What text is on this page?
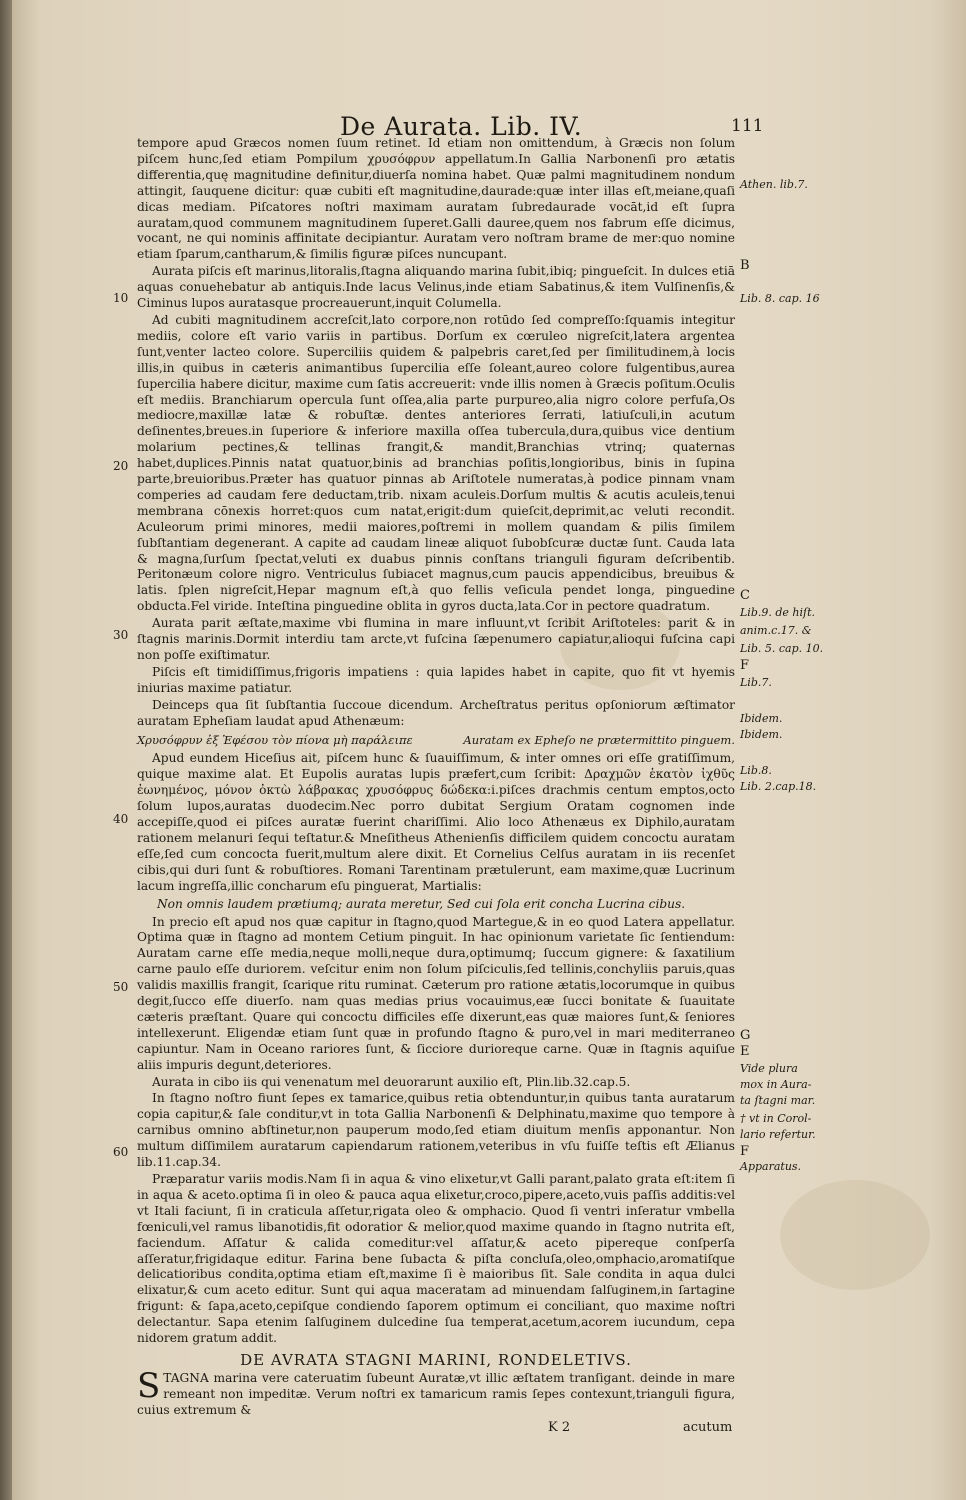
De Aurata. Lib. IV.	111

tempore apud Græcos nomen ſuum retinet. Id etiam non omittendum, à Græcis non ſolum piſcem hunc,ſed etiam Pompilum χρυσόφρυν appellatum.In Gallia Narbonenſi pro ætatis differentia,quę magnitudine definitur,diuerſa nomina habet. Quæ palmi magnitudinem nondum attingit, ſauquene dicitur: quæ cubiti eſt magnitudine,daurade:quæ inter illas eſt,meiane,quaſi dicas mediam. Piſcatores noſtri maximam auratam ſubredaurade vocāt,id eſt ſupra auratam,quod communem magnitudinem ſuperet.Galli dauree,quem nos fabrum eſſe dicimus, vocant, ne qui nominis affinitate decipiantur. Auratam vero noſtram brame de mer:quo nomine etiam ſparum,cantharum,& ſimilis figuræ piſces nuncupant.

Aurata piſcis eſt marinus,litoralis,ſtagna aliquando marina ſubit,ibiq; pingueſcit. In dulces etiā aquas conuehebatur ab antiquis.Inde lacus Velinus,inde etiam Sabatinus,& item Vulſinenſis,& Ciminus lupos auratasque procreauerunt,inquit Columella.

Ad cubiti magnitudinem accreſcit,lato corpore,non rotūdo ſed compreſſo:ſquamis integitur mediis, colore eſt vario variis in partibus. Dorſum ex cœruleo nigreſcit,latera argentea ſunt,venter lacteo colore. Superciliis quidem & palpebris caret,ſed per ſimilitudinem,à locis illis,in quibus in cæteris animantibus ſupercilia eſſe ſoleant,aureo colore fulgentibus,aurea ſupercilia habere dicitur, maxime cum ſatis accreuerit: vnde illis nomen à Græcis poſitum.Oculis eſt mediis. Branchiarum opercula ſunt oſſea,alia parte purpureo,alia nigro colore perfuſa,Os mediocre,maxillæ latæ & robuſtæ. dentes anteriores ſerrati, latiuſculi,in acutum deſinentes,breues.in ſuperiore & inferiore maxilla oſſea tubercula,dura,quibus vice dentium molarium pectines,& tellinas frangit,& mandit,Branchias vtrinq; quaternas habet,duplices.Pinnis natat quatuor,binis ad branchias poſitis,longioribus, binis in ſupina parte,breuioribus.Præter has quatuor pinnas ab Ariſtotele numeratas,à podice pinnam vnam comperies ad caudam fere deductam,trib. nixam aculeis.Dorſum multis & acutis aculeis,tenui membrana cōnexis horret:quos cum natat,erigit:dum quieſcit,deprimit,ac veluti recondit. Aculeorum primi minores, medii maiores,poſtremi in mollem quandam & pilis ſimilem ſubſtantiam degenerant. A capite ad caudam lineæ aliquot ſubobſcuræ ductæ ſunt. Cauda lata & magna,ſurſum ſpectat,veluti ex duabus pinnis conſtans trianguli figuram deſcribentib. Peritonæum colore nigro. Ventriculus ſubiacet magnus,cum paucis appendicibus, breuibus & latis. ſplen nigreſcit,Hepar magnum eſt,à quo fellis veſicula pendet longa, pinguedine obducta.Fel viride. Inteſtina pinguedine oblita in gyros ducta,lata.Cor in pectore quadratum.

Aurata parit æſtate,maxime vbi flumina in mare influunt,vt ſcribit Ariſtoteles: parit & in ſtagnis marinis.Dormit interdiu tam arcte,vt fuſcina ſæpenumero capiatur,alioqui fuſcina capi non poſſe exiſtimatur.

Piſcis eſt timidiſſimus,frigoris impatiens : quia lapides habet in capite, quo fit vt hyemis iniurias maxime patiatur.

Deinceps qua ſit ſubſtantia ſuccoue dicendum. Archeſtratus peritus opſoniorum æſtimator auratam Epheſiam laudat apud Athenæum:

Χρυσόφρυν ἐξ Ἐφέσου τὸν πίονα μὴ παράλειπε	Auratam ex Epheſo ne prætermittito pinguem.

Apud eundem Hiceſius ait, piſcem hunc & ſuauiſſimum, & inter omnes ori eſſe gratiſſimum, quique maxime alat. Et Eupolis auratas lupis præfert,cum ſcribit: Δραχμῶν ἑκατὸν ἰχθῦς ἐωνημένος, μόνον ὀκτὼ λάβρακας χρυσόφρυς δώδεκα:i.piſces drachmis centum emptos,octo ſolum lupos,auratas duodecim.Nec porro dubitat Sergium Oratam cognomen inde accepiſſe,quod ei piſces auratæ fuerint chariſſimi. Alio loco Athenæus ex Diphilo,auratam rationem melanuri ſequi teſtatur.& Mneſitheus Athenienſis difficilem quidem concoctu auratam eſſe,ſed cum concocta fuerit,multum alere dixit. Et Cornelius Celſus auratam in iis recenſet cibis,qui duri ſunt & robuſtiores. Romani Tarentinam prætulerunt, eam maxime,quæ Lucrinum lacum ingreſſa,illic concharum eſu pinguerat, Martialis:

Non omnis laudem prætiumq; aurata meretur, Sed cui ſola erit concha Lucrina cibus.

In precio eſt apud nos quæ capitur in ſtagno,quod Martegue,& in eo quod Latera appellatur. Optima quæ in ſtagno ad montem Cetium pinguit. In hac opinionum varietate ſic ſentiendum: Auratam carne eſſe media,neque molli,neque dura,optimumq; ſuccum gignere: & ſaxatilium carne paulo eſſe duriorem. veſcitur enim non ſolum piſciculis,ſed tellinis,conchyliis paruis,quas validis maxillis frangit, ſcarique ritu ruminat. Cæterum pro ratione ætatis,locorumque in quibus degit,ſucco eſſe diuerſo. nam quas medias prius vocauimus,eæ ſucci bonitate & ſuauitate cæteris præſtant. Quare qui concoctu difficiles eſſe dixerunt,eas quæ maiores ſunt,& ſeniores intellexerunt. Eligendæ etiam ſunt quæ in profundo ſtagno & puro,vel in mari mediterraneo capiuntur. Nam in Oceano rariores ſunt, & ſicciore durioreque carne. Quæ in ſtagnis aquiſue aliis impuris degunt,deteriores.

Aurata in cibo iis qui venenatum mel deuorarunt auxilio eſt, Plin.lib.32.cap.5.

In ſtagno noſtro fiunt ſepes ex tamarice,quibus retia obtenduntur,in quibus tanta auratarum copia capitur,& ſale conditur,vt in tota Gallia Narbonenſi & Delphinatu,maxime quo tempore à carnibus omnino abſtinetur,non pauperum modo,ſed etiam diuitum menſis apponantur. Non multum diſſimilem auratarum capiendarum rationem,veteribus in vſu fuiſſe teſtis eſt Ælianus lib.11.cap.34.

Præparatur variis modis.Nam ſi in aqua & vino elixetur,vt Galli parant,palato grata eſt:item ſi in aqua & aceto.optima ſi in oleo & pauca aqua elixetur,croco,pipere,aceto,vuis paſſis additis:vel vt Itali faciunt, ſi in craticula aſſetur,rigata oleo & omphacio. Quod ſi ventri inſeratur vmbella fœniculi,vel ramus libanotidis,fit odoratior & melior,quod maxime quando in ſtagno nutrita eſt, faciendum. Aſſatur & calida comeditur:vel aſſatur,& aceto pipereque conſperſa aſſeratur,frigidaque editur. Farina bene ſubacta & piſta concluſa,oleo,omphacio,aromatiſque delicatioribus condita,optima etiam eſt,maxime ſi è maioribus ſit. Sale condita in aqua dulci elixatur,& cum aceto editur. Sunt qui aqua maceratam ad minuendam ſalſuginem,in ſartagine frigunt: & ſapa,aceto,cepiſque condiendo ſaporem optimum ei conciliant, quo maxime noſtri delectantur. Sapa etenim ſalſuginem dulcedine ſua temperat,acetum,acorem iucundum, cepa nidorem gratum addit.

DE AVRATA STAGNI MARINI, RONDELETIVS.

STAGNA marina vere cateruatim ſubeunt Auratæ,vt illic æſtatem tranſigant. deinde in mare remeant non impeditæ. Verum noſtri ex tamaricum ramis ſepes contexunt,trianguli figura, cuius extremum &

Athen. lib.7.
B
Lib. 8. cap. 16
C
Lib.9. de hiſt.
anim.c.17. &
Lib. 5. cap. 10.
F
Lib.7.
Ibidem.
Ibidem.
Lib.8.
Lib. 2.cap.18.
G
E
Vide plura
mox in Aura-
ta ſtagni mar.
† vt in Corol-
lario refertur.
F
Apparatus.
10
20
30
40
50
60
K 2	acutum
